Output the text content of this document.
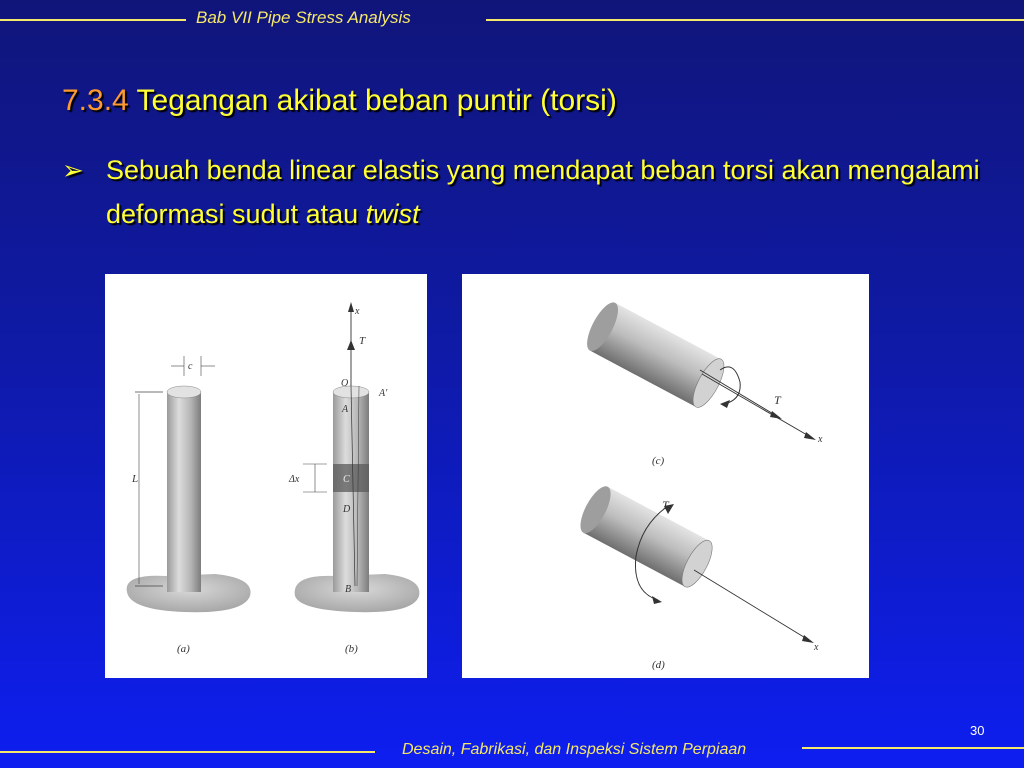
Bab VII Pipe Stress Analysis
7.3.4 Tegangan akibat beban puntir (torsi)
➢ Sebuah benda linear elastis yang mendapat beban torsi akan mengalami deformasi sudut atau twist
c
L
(a)
x
T
O
A'
A
Δx	C
D
B
(b)
T
x
(c)
T
x
(d)
30
Desain, Fabrikasi, dan Inspeksi Sistem Perpiaan
